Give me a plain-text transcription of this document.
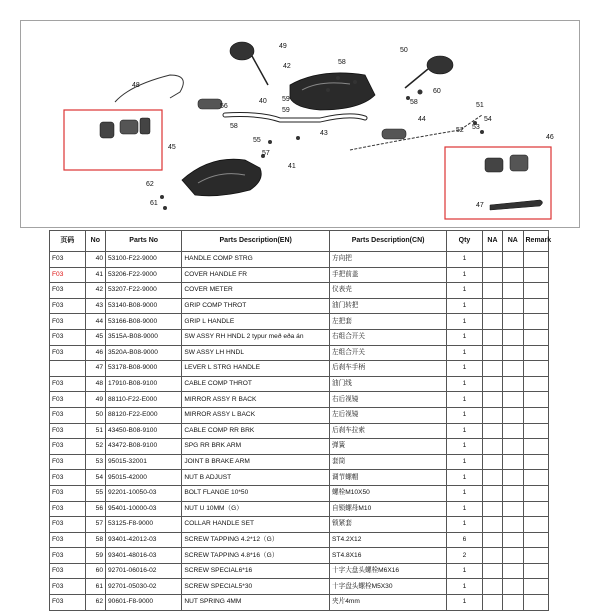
49
42
58
50
48
40 59
60
56
59
58
58
44
51
54
53
52
46
45
43
55
57
41
62
61	47
页码	No	Parts No	Parts Description(EN)	Parts Description(CN)	Qty	NA	NA	Remark
F03	40	53100-F22-9000	HANDLE COMP STRG	方向把	1			
F03	41	53206-F22-9000	COVER HANDLE FR	手把前盖	1			
F03	42	53207-F22-9000	COVER METER	仪表壳	1			
F03	43	53140-B08-9000	GRIP COMP THROT	油门转把	1			
F03	44	53166-B08-9000	GRIP L HANDLE	左把套	1			
F03	45	3515A-B08-9000	SW ASSY RH HNDL 2 typur með eða án	右组合开关	1			
F03	46	3520A-B08-9000	SW ASSY LH HNDL	左组合开关	1			
	47	53178-B08-9000	LEVER L STRG HANDLE	后刹车手柄	1			
F03	48	17910-B08-9100	CABLE COMP THROT	油门线	1			
F03	49	88110-F22-E000	MIRROR ASSY R BACK	右后视镜	1			
F03	50	88120-F22-E000	MIRROR ASSY L BACK	左后视镜	1			
F03	51	43450-B08-9100	CABLE COMP RR BRK	后刹车拉索	1			
F03	52	43472-B08-9100	SPG RR BRK ARM	弹簧	1			
F03	53	95015-32001	JOINT B BRAKE ARM	套筒	1			
F03	54	95015-42000	NUT B ADJUST	调节螺帽	1			
F03	55	92201-10050-03	BOLT FLANGE 10*50	螺栓M10X50	1			
F03	56	95401-10000-03	NUT U 10MM（G）	自锁螺母M10	1			
F03	57	53125-F8-9000	COLLAR HANDLE SET	锁紧套	1			
F03	58	93401-42012-03	SCREW TAPPING 4.2*12（G）	ST4.2X12	6			
F03	59	93401-48016-03	SCREW TAPPING 4.8*16（G）	ST4.8X16	2			
F03	60	92701-06016-02	SCREW SPECIAL6*16	十字大盘头螺栓M6X16	1			
F03	61	92701-05030-02	SCREW SPECIAL5*30	十字盘头螺栓M5X30	1			
F03	62	90601-F8-9000	NUT SPRING 4MM	夹片4mm	1			
